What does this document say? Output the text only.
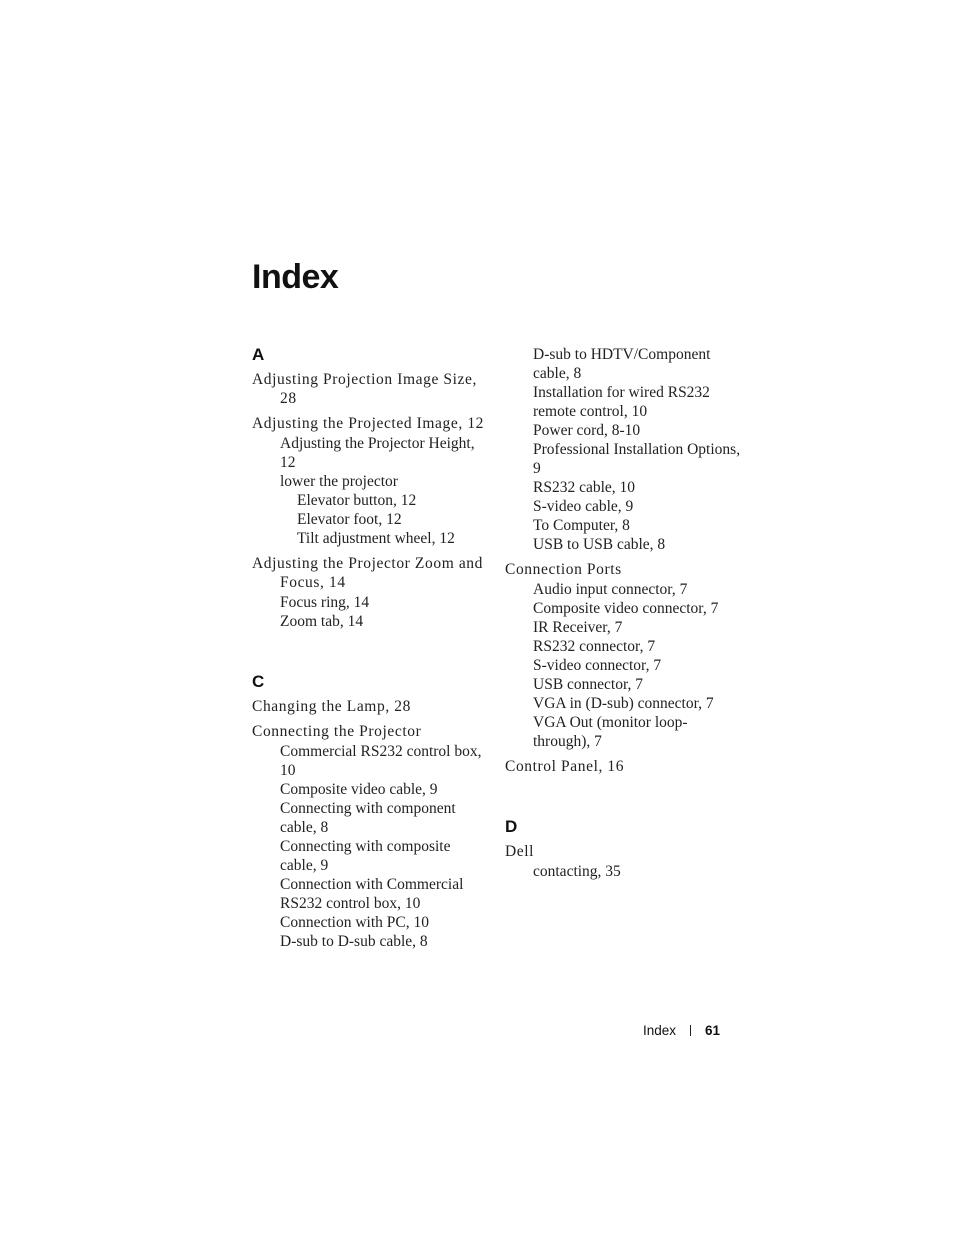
Index
A

Adjusting Projection Image Size, 28

Adjusting the Projected Image, 12

Adjusting the Projector Height, 12

lower the projector

Elevator button, 12

Elevator foot, 12

Tilt adjustment wheel, 12

Adjusting the Projector Zoom and Focus, 14

Focus ring, 14

Zoom tab, 14

C

Changing the Lamp, 28

Connecting the Projector

Commercial RS232 control box, 10

Composite video cable, 9

Connecting with component cable, 8

Connecting with composite cable, 9

Connection with Commercial RS232 control box, 10

Connection with PC, 10

D-sub to D-sub cable, 8

D-sub to HDTV/Component cable, 8

Installation for wired RS232 remote control, 10

Power cord, 8-10

Professional Installation Options, 9

RS232 cable, 10

S-video cable, 9

To Computer, 8

USB to USB cable, 8

Connection Ports

Audio input connector, 7

Composite video connector, 7

IR Receiver, 7

RS232 connector, 7

S-video connector, 7

USB connector, 7

VGA in (D-sub) connector, 7

VGA Out (monitor loop-through), 7

Control Panel, 16

D

Dell

contacting, 35

Index 61
